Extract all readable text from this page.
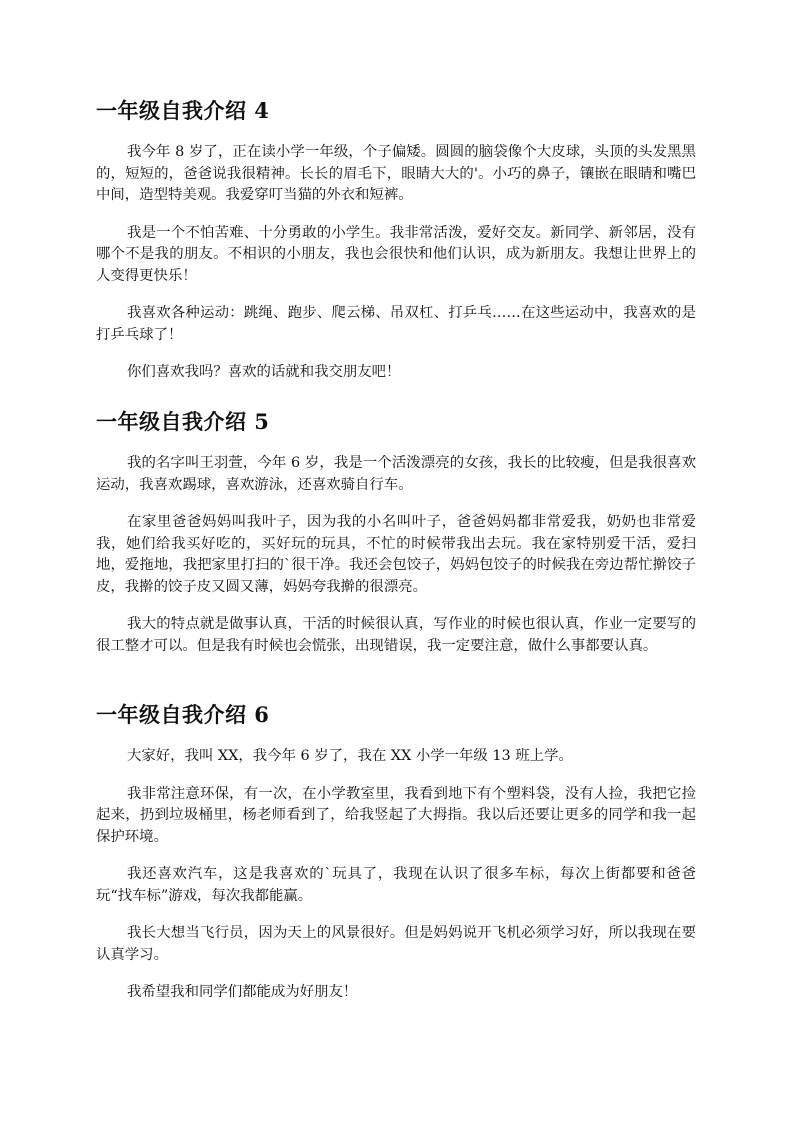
一年级自我介绍 4

我今年 8 岁了，正在读小学一年级，个子偏矮。圆圆的脑袋像个大皮球，头顶的头发黑黑的，短短的，爸爸说我很精神。长长的眉毛下，眼睛大大的'。小巧的鼻子，镶嵌在眼睛和嘴巴中间，造型特美观。我爱穿叮当猫的外衣和短裤。

我是一个不怕苦难、十分勇敢的小学生。我非常活泼，爱好交友。新同学、新邻居，没有哪个不是我的朋友。不相识的小朋友，我也会很快和他们认识，成为新朋友。我想让世界上的人变得更快乐！

我喜欢各种运动：跳绳、跑步、爬云梯、吊双杠、打乒乓……在这些运动中，我喜欢的是打乒乓球了！

你们喜欢我吗？喜欢的话就和我交朋友吧！

一年级自我介绍 5

我的名字叫王羽萱，今年 6 岁，我是一个活泼漂亮的女孩，我长的比较瘦，但是我很喜欢运动，我喜欢踢球，喜欢游泳，还喜欢骑自行车。

在家里爸爸妈妈叫我叶子，因为我的小名叫叶子，爸爸妈妈都非常爱我，奶奶也非常爱我，她们给我买好吃的，买好玩的玩具，不忙的时候带我出去玩。我在家特别爱干活，爱扫地，爱拖地，我把家里打扫的`很干净。我还会包饺子，妈妈包饺子的时候我在旁边帮忙擀饺子皮，我擀的饺子皮又圆又薄，妈妈夸我擀的很漂亮。

我大的特点就是做事认真，干活的时候很认真，写作业的时候也很认真，作业一定要写的很工整才可以。但是我有时候也会慌张，出现错误，我一定要注意，做什么事都要认真。

一年级自我介绍 6

大家好，我叫 XX，我今年 6 岁了，我在 XX 小学一年级 13 班上学。

我非常注意环保，有一次，在小学教室里，我看到地下有个塑料袋，没有人捡，我把它捡起来，扔到垃圾桶里，杨老师看到了，给我竖起了大拇指。我以后还要让更多的同学和我一起保护环境。

我还喜欢汽车，这是我喜欢的`玩具了，我现在认识了很多车标，每次上街都要和爸爸玩“找车标”游戏，每次我都能赢。

我长大想当飞行员，因为天上的风景很好。但是妈妈说开飞机必须学习好，所以我现在要认真学习。

我希望我和同学们都能成为好朋友！
